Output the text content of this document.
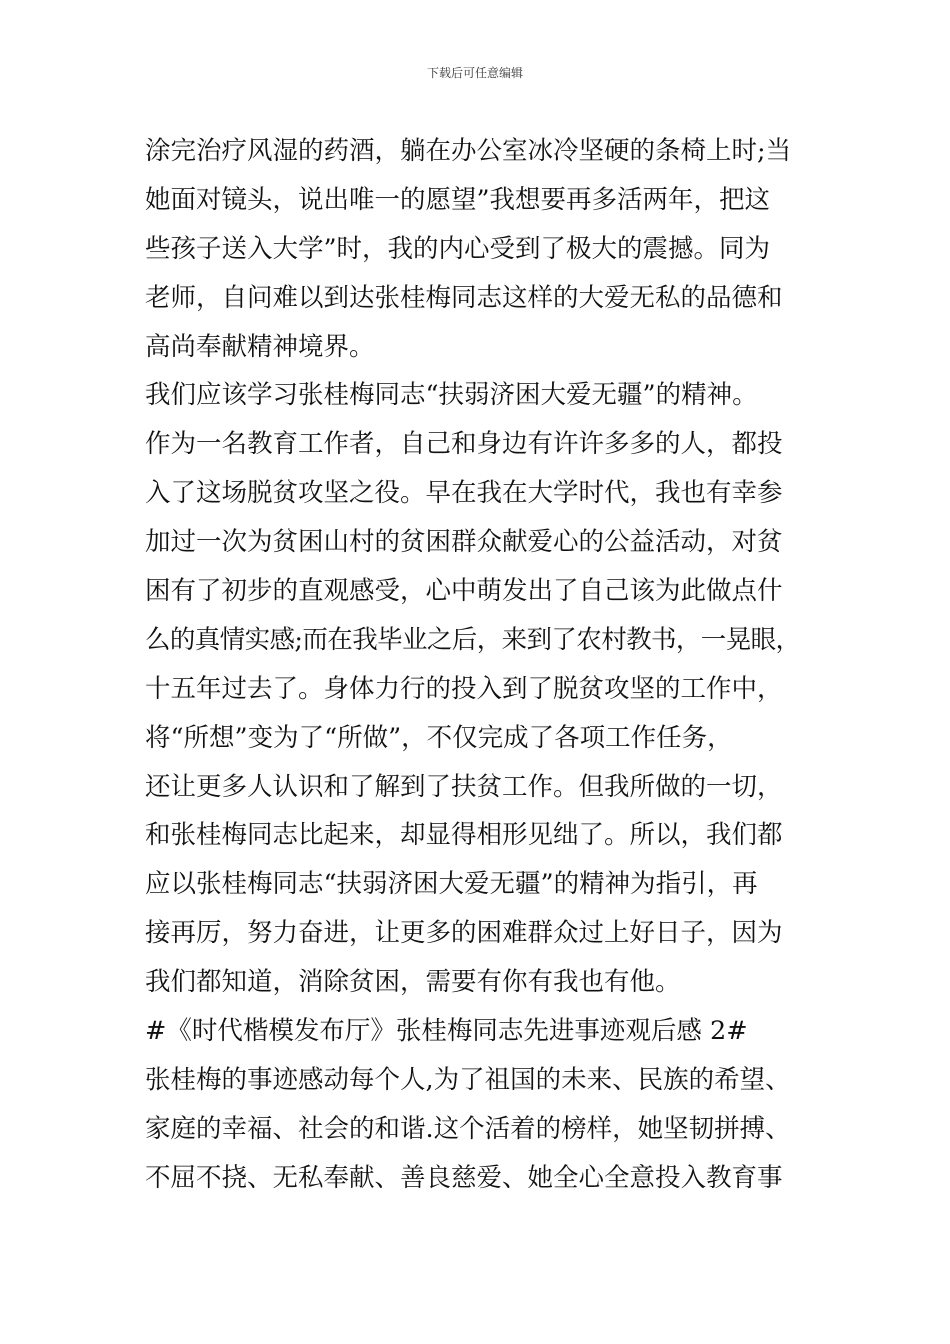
下载后可任意编辑
涂完治疗风湿的药酒，躺在办公室冰冷坚硬的条椅上时;当
她面对镜头，说出唯一的愿望”我想要再多活两年，把这
些孩子送入大学”时，我的内心受到了极大的震撼。同为
老师，自问难以到达张桂梅同志这样的大爱无私的品德和
高尚奉献精神境界。
我们应该学习张桂梅同志“扶弱济困大爱无疆”的精神。
作为一名教育工作者，自己和身边有许许多多的人，都投
入了这场脱贫攻坚之役。早在我在大学时代，我也有幸参
加过一次为贫困山村的贫困群众献爱心的公益活动，对贫
困有了初步的直观感受，心中萌发出了自己该为此做点什
么的真情实感;而在我毕业之后，来到了农村教书，一晃眼，
十五年过去了。身体力行的投入到了脱贫攻坚的工作中，
将“所想”变为了“所做”，不仅完成了各项工作任务，
还让更多人认识和了解到了扶贫工作。但我所做的一切，
和张桂梅同志比起来，却显得相形见绌了。所以，我们都
应以张桂梅同志“扶弱济困大爱无疆”的精神为指引，再
接再厉，努力奋进，让更多的困难群众过上好日子，因为
我们都知道，消除贫困，需要有你有我也有他。
#《时代楷模发布厅》张桂梅同志先进事迹观后感 2#
张桂梅的事迹感动每个人,为了祖国的未来、民族的希望、
家庭的幸福、社会的和谐.这个活着的榜样，她坚韧拼搏、
不屈不挠、无私奉献、善良慈爱、她全心全意投入教育事
